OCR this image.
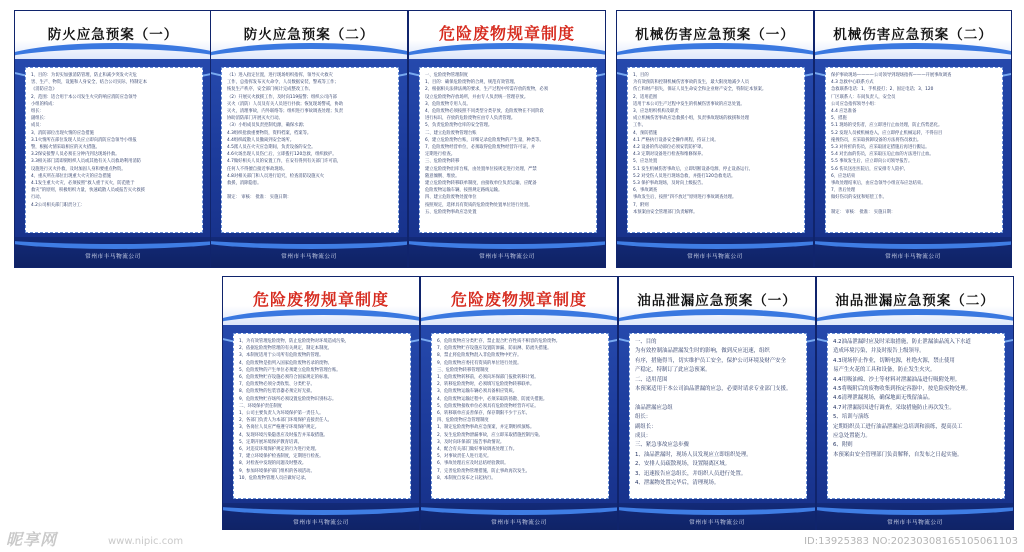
防火应急预案（一）
1、目的：为切实加强消防管理，防止和减少突发火灾危
害、生产、物资，设施和人身安全，结合公司实际，特制定本
《消防应急》
2、范围：适合用于本公司发生火灾的响应消防应急领导
小组的构成：
组长：
副组长：
成员：
3、消防部位出现火情的应急措施
3.1火情所在部位发现人员应立即向消防应急领导小组报
警，根据火情采取相应的灭火措施。
3.2保安接警人员必须在分钟内到达现场扑救。
3.3相关部门需即刻组织人员或其他有关人员救助利用消防
设施进行灭火扑救，及时加固人身和要重点物资。
4、重庆所在部位出现重大火灾的应急措施
4.1发生重大火灾，必须按照“救人重于灭火，防范胜于
救灾”的原则，积极组织力量，快速疏散人员或报告灭火救援
行动。
4.2公司相关部门职责分工：
常州市丰马物流公司
防火应急预案（二）
（1）进入指定位置，进行现场组织指挥，领导灭火救灾
工作，总指挥发布灭火命令，人员数据安装，警戒等工作；
恢复生产秩序，安全部门统计完成整改工作。
（2）开展灭火救援工作，及时向119报警；组织公司内部
灭火（消防）人员及有关人员进行扑救；恢复现场警戒，协助
灭火，清理事故，内外联络等；组织进行事故调查处理；负责
协助消防部门开展灭火行动。
（3）小组成员负责控制电源，确保水源；
4.3组织抢救重要物资，资料档案，档案等。
4.4组织疏散人员撤离到安全场所。
4.5派人员在火灾应急期间，负责设备的安全。
4.6火场出现人员伤亡后，立即拨打120急救，组织救护。
4.7做好相关人员的安置工作，在安有得到有关部门许可前，
任何人不得擅自接近事故现场。
4.8对相关部门和人员进行追究，检查消防设施灭火
救援，消除隐患。

制定： 审核： 批准： 实施日期：
常州市丰马物流公司
危险废物规章制度
一、危险废物管理制度
1、目的：确保危险废物的合规，规范有效管理。
2、根据相关法律法规的要求，生产过程中所需存放的废物，必须
设立危险废物存放场所，并由专人负责统一管理存放。
3、危险废物专用人员。
4、危险废物必须按照不同类型分类存放，危险废物在不同阶段
进行标识，存放的危险废物应由专人负责管理。
5、负责危险废物仓库的安全管理。
二、建立危险废物管理台账
6、建立危险废物台账，详细记录危险废物的产生量，种类等。
7、危险废物经营单位，必须取得危险废物经营许可证，并
定期进行检查。
三、危险废物转移
建立危险废物出库台账，由处置单位按规定进行处理，严禁
随意倾倒、堆放。
建立危险废物转移联单制度，由接收单位负责运输，应配备
危险废物运输车辆，按照规定路线运输。
四、建立危险废物处置单位
按照规定，选择具有资质的危险废物处置单位进行处置。
五、危险废物事故应急处置
常州市丰马物流公司
机械伤害应急预案（一）
1、目的
为有效预防和控制机械伤害事故的发生，最大限度地减少人员
伤亡和财产损失，保证人员生命安全和企业财产安全，特制定本预案。
2、适用范围
适用于本公司生产过程中发生的机械伤害事故的应急处置。
3、应急组织机构及职责
成立机械伤害事故应急救援小组，负责事故现场的救援和处理
工作。
4、预防措施
4.1 严格执行设备安全操作规程，持证上岗。
4.2 设备的传动部位必须安装防护罩。
4.3 定期对设备进行检查和维修保养。
5、应急处置
5.1 发生机械伤害事故后，立即切断设备电源，停止设备运行。
5.2 对受伤人员进行现场急救，并拨打120急救电话。
5.3 保护事故现场，及时向上级报告。
6、事故调查
事故发生后，按照“四不放过”原则进行事故调查处理。
7、附则
本预案由安全管理部门负责解释。
常州市丰马物流公司
机械伤害应急预案（二）
保护事故现场————公司领导到现场指挥———开展事故调查
4.3 急救中心联系方式
急救联系电话：1、手机拨打；2、固定电话；3、120
厂区联系人：车间负责人，安全员
公司应急指挥领导小组：
4.4 应急准备
5、措施
5.1 现场的受伤者，应立即进行止血处理，防止伤势恶化。
5.2 发现人员被机械卷入，应立即停止机械运转，不得盲目
拖拽伤员，应采取拆卸设备的方法将伤员救出。
5.3 对骨折的伤员，应采取固定措施后再进行搬运。
5.4 对出血的伤员，应采取压迫止血的方法进行止血。
5.5 事故发生后，应立即向公司领导报告。
5.6 伤员送往医院后，应安排专人陪护。
6、应急结束
事故处理结束后，由应急领导小组宣布应急结束。
7、善后处理
做好伤员的安抚和赔偿工作。

制定： 审核： 批准： 实施日期：
常州市丰马物流公司
危险废物规章制度
1、为有效管理危险废物，防止危险废物对环境造成污染，
2、依据危险废物管理的有关规定，制定本制度。
3、本制度适用于公司所有危险废物的管理。
4、危险废物是指列入国家危险废物名录的废物。
5、危险废物的产生单位必须建立危险废物管理台账。
6、危险废物贮存设施必须符合国家规定的标准。
7、危险废物必须分类收集、分类贮存。
8、危险废物的包装容器必须完好无损。
9、危险废物贮存场所必须设置危险废物识别标志。
二、环境保护责任制度
1、公司主要负责人为环境保护第一责任人。
2、各部门负责人为本部门环境保护直接责任人。
3、各岗位人员应严格遵守环境保护规定。
4、发现环境污染隐患应及时报告并采取措施。
5、定期开展环境保护教育培训。
6、对违反环境保护规定的行为进行处理。
7、建立环境保护检查制度，定期进行检查。
8、对检查中发现的问题及时整改。
9、参加环境保护部门组织的各项活动。
10、危险废物管理人员应做好记录。
常州市丰马物流公司
危险废物规章制度
6、危险废物应分类贮存，禁止混合贮存性质不相容的危险废物。
7、危险废物贮存设施应设置防渗漏、防雨淋、防流失措施。
8、禁止将危险废物混入非危险废物中贮存。
9、危险废物应委托有资质的单位进行处置。
三、危险废物转移管理制度
1、危险废物转移前，必须向环保部门报批转移计划。
2、转移危险废物时，必须填写危险废物转移联单。
3、危险废物运输车辆必须具备相应资质。
4、危险废物运输过程中，必须采取防扬散、防流失措施。
5、危险废物接收单位必须具有危险废物经营许可证。
6、转移联单应妥善保存，保存期限不少于五年。
四、危险废物应急管理制度
1、制定危险废物事故应急预案，并定期组织演练。
2、发生危险废物泄漏事故，应立即采取措施控制污染。
3、及时向环保部门报告事故情况。
4、配合有关部门做好事故调查处理工作。
5、对事故责任人进行追究。
6、事故处理后应及时总结经验教训。
7、完善危险废物管理措施，防止事故再次发生。
8、本制度自发布之日起执行。
常州市丰马物流公司
油品泄漏应急预案（一）
一、目的
为有效控制油品泄漏发生时的影响，做到反应迅速，组织
有序，措施得当，切实维护员工安全，保护公司环境及财产安全
产稳定，特制订了此应急预案。
二、适用范围
本预案适用于本公司油品泄漏的应急，必要时请求专业部门支援。

油品泄漏应急组
组长：
副组长：
成员：
三、紧急事故应急步骤
1、油品泄漏时，现场人员发现应立即组织处理。
2、安排人员疏散现场，设置隔离区域。
3、迅速报告应急组长，并组织人员进行处置。
4、泄漏物处置完毕后，清理现场。
常州市丰马物流公司
油品泄漏应急预案（二）
4.2油品泄漏时应及时采取措施，防止泄漏油品流入下水道
造成环境污染，并及时报告上级领导。
4.3现场停止作业，切断电源，杜绝火源，禁止使用
易产生火花的工具和设备，防止发生火灾。
4.4用吸油棉、沙土等材料对泄漏油品进行吸附处理。
4.5将吸附后的废物收集到指定容器中，按危险废物处理。
4.6清理泄漏现场，确保地面无残留油品。
4.7对泄漏原因进行调查，采取措施防止再次发生。
5、培训与演练
定期组织员工进行油品泄漏应急培训和演练，提高员工
应急处置能力。
6、附则
本预案由安全管理部门负责解释，自发布之日起实施。
常州市丰马物流公司
昵享网	www.nipic.com	ID:13925383 NO:20230308165105061103
